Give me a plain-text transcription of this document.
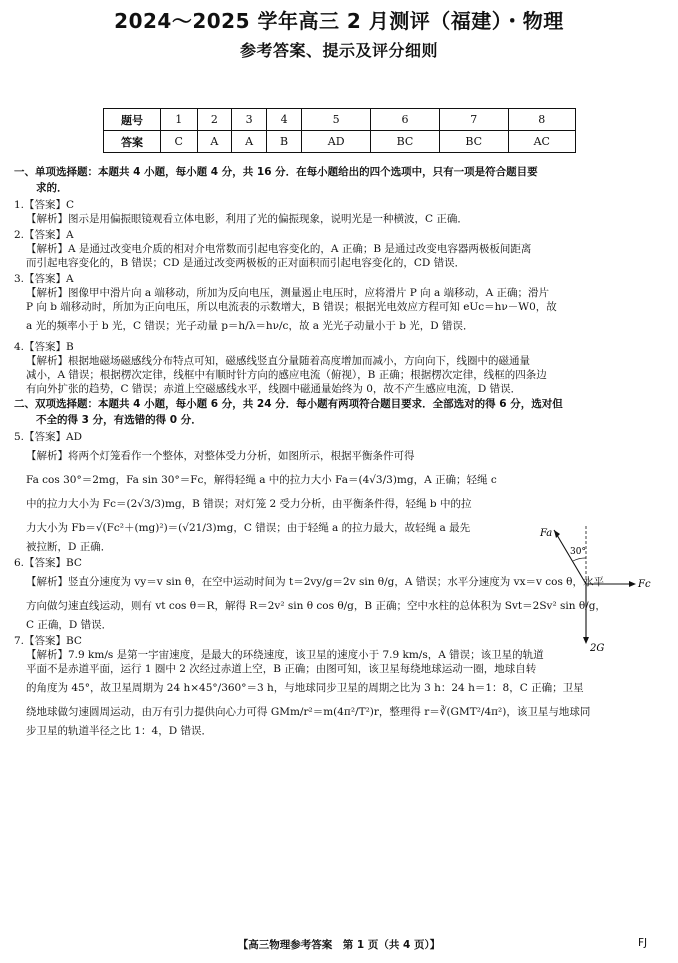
2024～2025 学年高三 2 月测评（福建）・物理
参考答案、提示及评分细则
题号	1	2	3	4	5	6	7	8
答案	C	A	A	B	AD	BC	BC	AC
一、单项选择题：本题共 4 小题，每小题 4 分，共 16 分．在每小题给出的四个选项中，只有一项是符合题目要
求的．
1.【答案】C
【解析】图示是用偏振眼镜观看立体电影，利用了光的偏振现象，说明光是一种横波，C 正确．
2.【答案】A
【解析】A 是通过改变电介质的相对介电常数而引起电容变化的，A 正确；B 是通过改变电容器两极板间距离
而引起电容变化的，B 错误；CD 是通过改变两极板的正对面积而引起电容变化的，CD 错误．
3.【答案】A
【解析】图像甲中滑片向 a 端移动，所加为反向电压，测量遏止电压时，应将滑片 P 向 a 端移动，A 正确；滑片
P 向 b 端移动时，所加为正向电压，所以电流表的示数增大，B 错误；根据光电效应方程可知 eUc＝hν－W0，故
a 光的频率小于 b 光，C 错误；光子动量 p＝h/λ＝hν/c，故 a 光光子动量小于 b 光，D 错误．
4.【答案】B
【解析】根据地磁场磁感线分布特点可知，磁感线竖直分量随着高度增加而减小，方向向下，线圈中的磁通量
减小，A 错误；根据楞次定律，线框中有顺时针方向的感应电流（俯视），B 正确；根据楞次定律，线框的四条边
有向外扩张的趋势，C 错误；赤道上空磁感线水平，线圈中磁通量始终为 0，故不产生感应电流，D 错误．
二、双项选择题：本题共 4 小题，每小题 6 分，共 24 分．每小题有两项符合题目要求．全部选对的得 6 分，选对但
不全的得 3 分，有选错的得 0 分．
5.【答案】AD
【解析】将两个灯笼看作一个整体，对整体受力分析，如图所示，根据平衡条件可得
Fa cos 30°＝2mg，Fa sin 30°＝Fc，解得轻绳 a 中的拉力大小 Fa＝(4√3/3)mg，A 正确；轻绳 c
中的拉力大小为 Fc＝(2√3/3)mg，B 错误；对灯笼 2 受力分析，由平衡条件得，轻绳 b 中的拉
力大小为 Fb＝√(Fc²＋(mg)²)＝(√21/3)mg，C 错误；由于轻绳 a 的拉力最大，故轻绳 a 最先
被拉断，D 正确．
6.【答案】BC
【解析】竖直分速度为 vy＝v sin θ，在空中运动时间为 t＝2vy/g＝2v sin θ/g，A 错误；水平分速度为 vx＝v cos θ，水平
方向做匀速直线运动，则有 vt cos θ＝R，解得 R＝2v² sin θ cos θ/g，B 正确；空中水柱的总体积为 Svt＝2Sv² sin θ/g，
C 正确，D 错误．
7.【答案】BC
【解析】7.9 km/s 是第一宇宙速度，是最大的环绕速度，该卫星的速度小于 7.9 km/s，A 错误；该卫星的轨道
平面不是赤道平面，运行 1 圈中 2 次经过赤道上空，B 正确；由图可知，该卫星每绕地球运动一圈，地球自转
的角度为 45°，故卫星周期为 24 h×45°/360°＝3 h，与地球同步卫星的周期之比为 3 h：24 h＝1：8，C 正确；卫星
绕地球做匀速圆周运动，由万有引力提供向心力可得 GMm/r²＝m(4π²/T²)r，整理得 r＝∛(GMT²/4π²)，该卫星与地球同
步卫星的轨道半径之比 1：4，D 错误．
Fa
30°
Fc
2G
【高三物理参考答案　第 1 页（共 4 页）】	FJ
